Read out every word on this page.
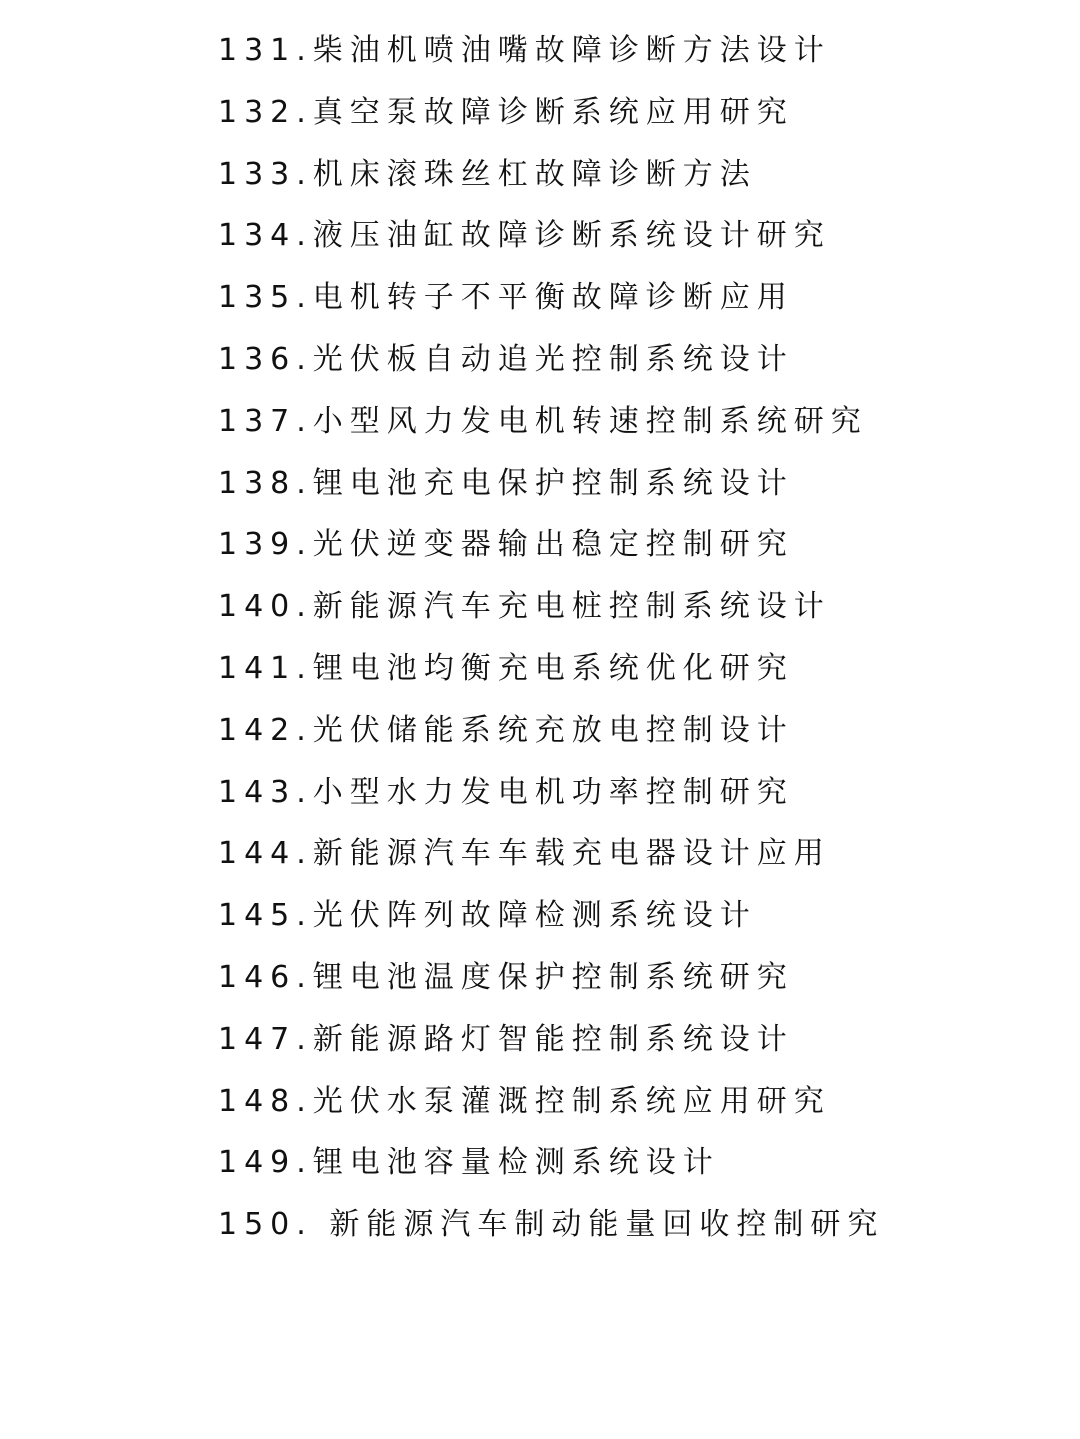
131.柴油机喷油嘴故障诊断方法设计
132.真空泵故障诊断系统应用研究
133.机床滚珠丝杠故障诊断方法
134.液压油缸故障诊断系统设计研究
135.电机转子不平衡故障诊断应用
136.光伏板自动追光控制系统设计
137.小型风力发电机转速控制系统研究
138.锂电池充电保护控制系统设计
139.光伏逆变器输出稳定控制研究
140.新能源汽车充电桩控制系统设计
141.锂电池均衡充电系统优化研究
142.光伏储能系统充放电控制设计
143.小型水力发电机功率控制研究
144.新能源汽车车载充电器设计应用
145.光伏阵列故障检测系统设计
146.锂电池温度保护控制系统研究
147.新能源路灯智能控制系统设计
148.光伏水泵灌溉控制系统应用研究
149.锂电池容量检测系统设计
150. 新能源汽车制动能量回收控制研究
